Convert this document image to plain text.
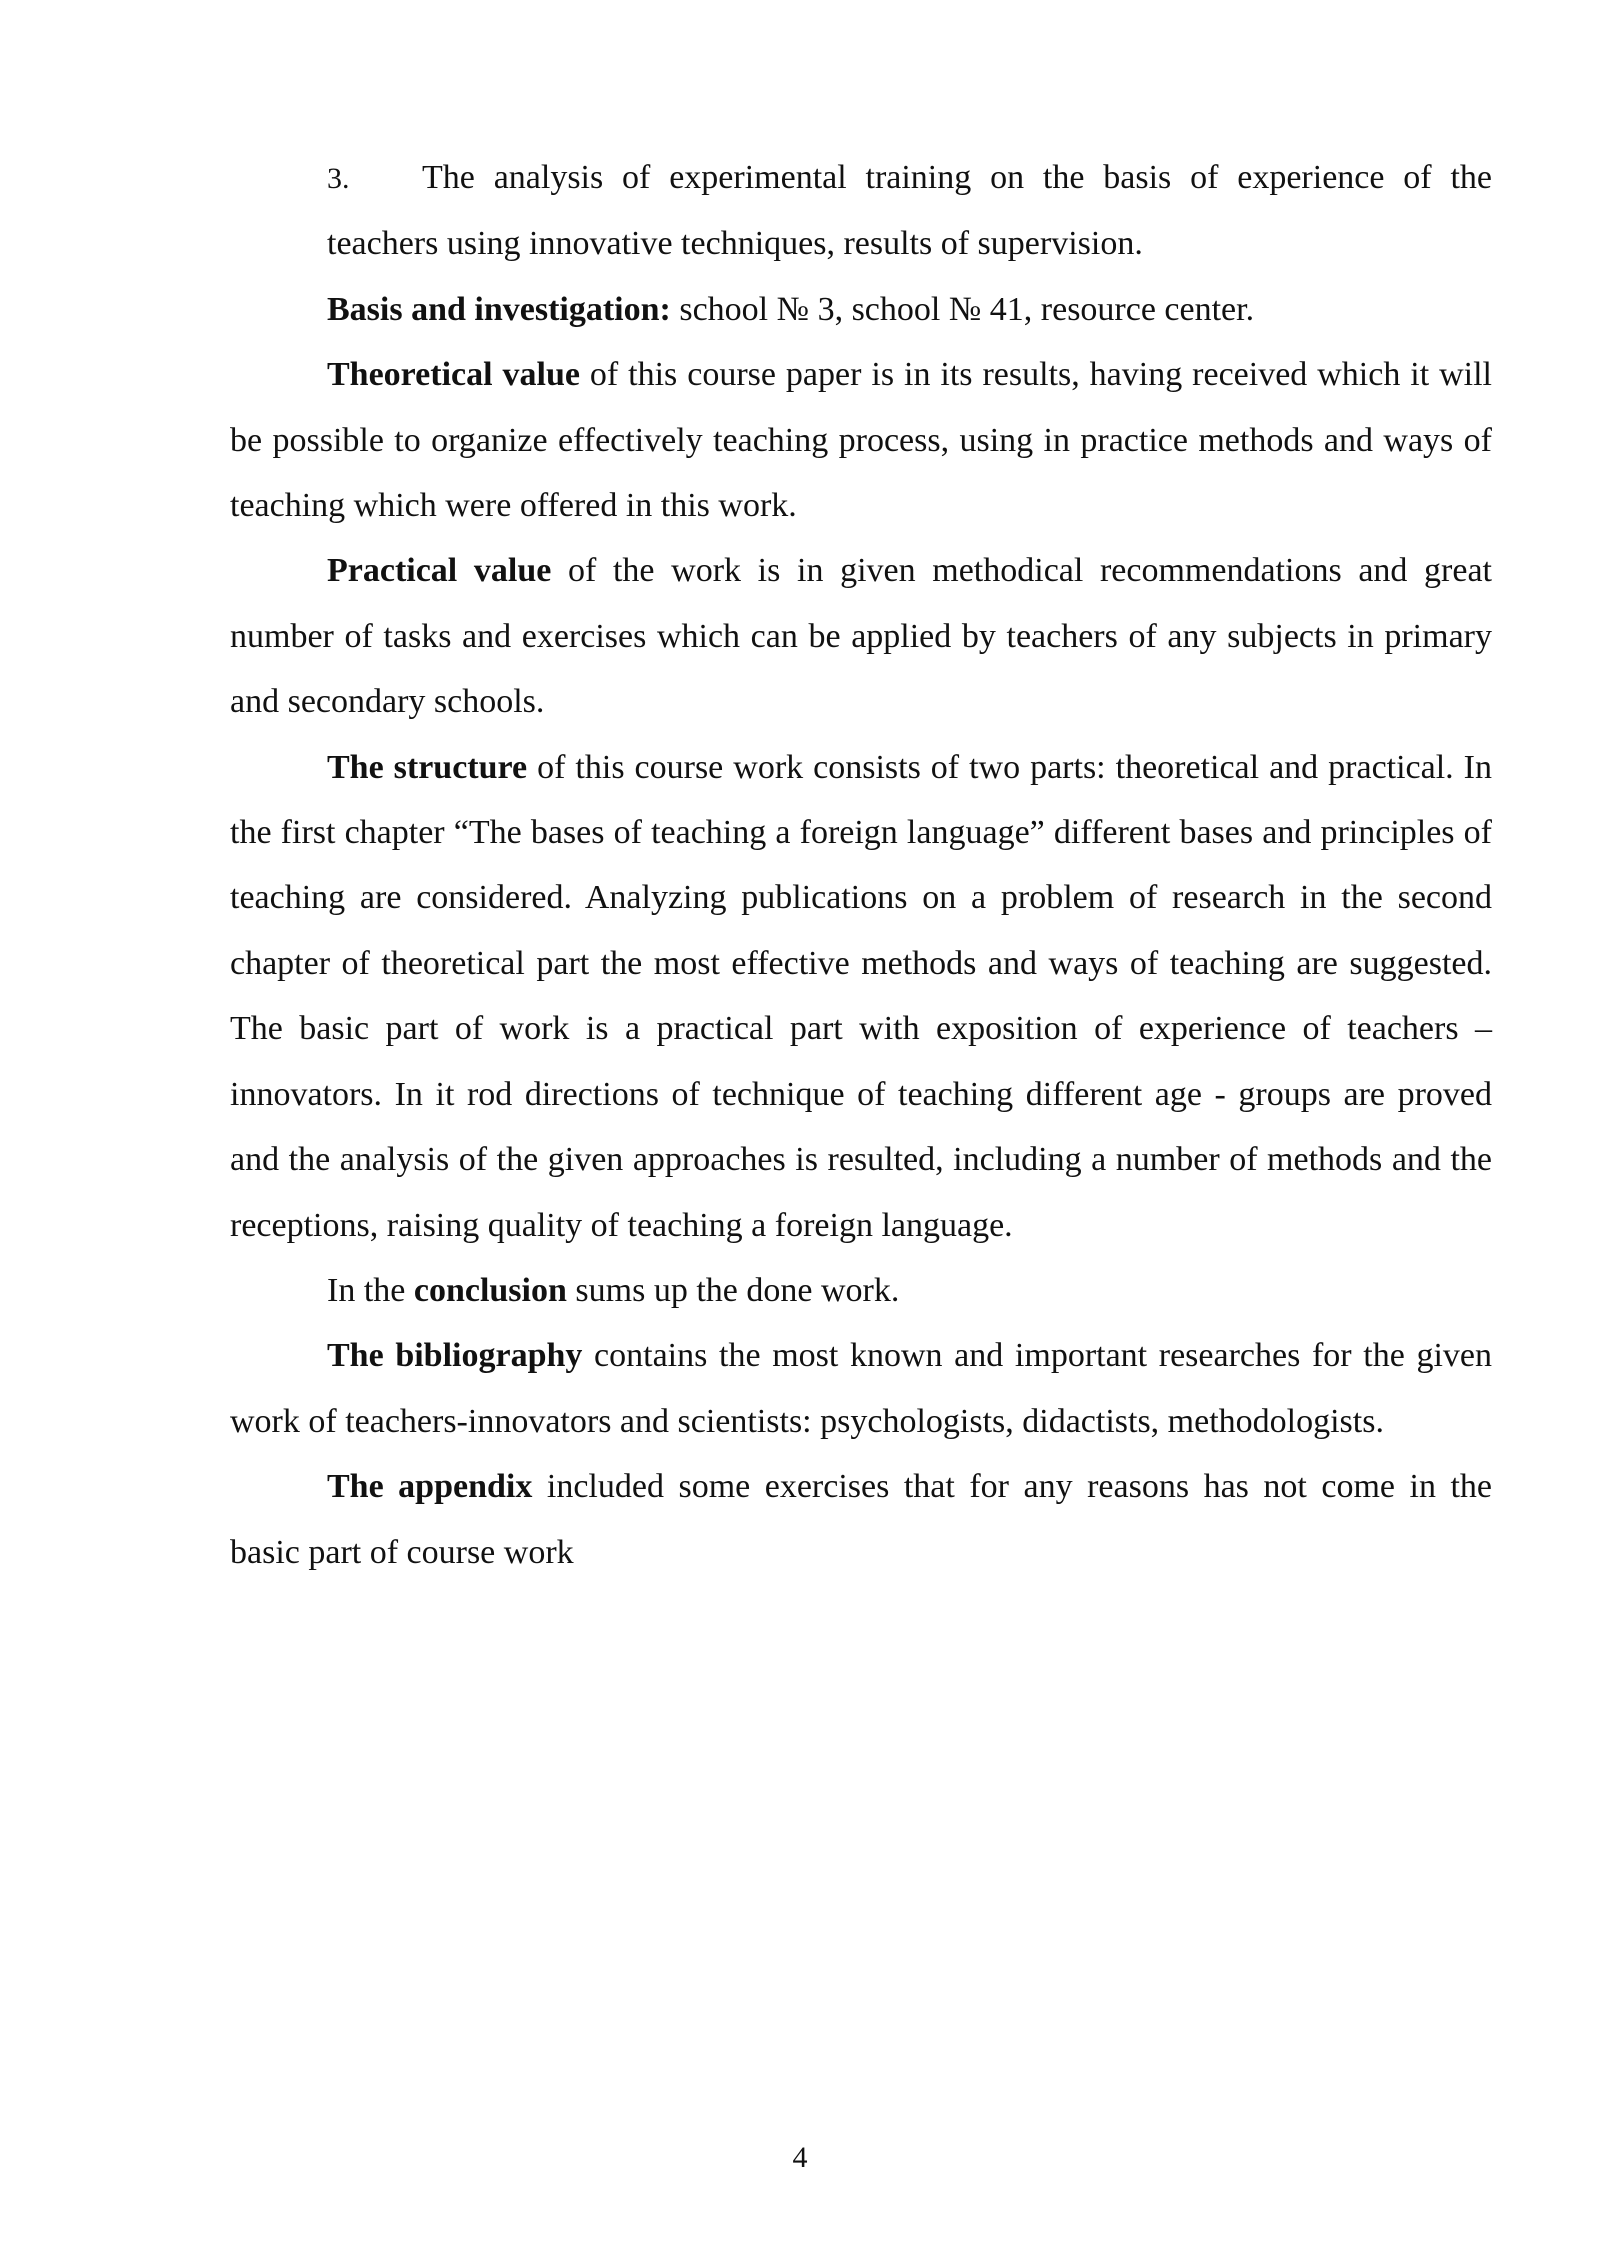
3. The analysis of experimental training on the basis of experience of the teachers using innovative techniques, results of supervision.

Basis and investigation: school № 3, school № 41, resource center.

Theoretical value of this course paper is in its results, having received which it will be possible to organize effectively teaching process, using in practice methods and ways of teaching which were offered in this work.

Practical value of the work is in given methodical recommendations and great number of tasks and exercises which can be applied by teachers of any subjects in primary and secondary schools.

The structure of this course work consists of two parts: theoretical and practical. In the first chapter “The bases of teaching a foreign language” different bases and principles of teaching are considered. Analyzing publications on a problem of research in the second chapter of theoretical part the most effective methods and ways of teaching are suggested. The basic part of work is a practical part with exposition of experience of teachers – innovators. In it rod directions of technique of teaching different age - groups are proved and the analysis of the given approaches is resulted, including a number of methods and the receptions, raising quality of teaching a foreign language.

In the conclusion sums up the done work.

The bibliography contains the most known and important researches for the given work of teachers-innovators and scientists: psychologists, didactists, methodologists.

The appendix included some exercises that for any reasons has not come in the basic part of course work

4
